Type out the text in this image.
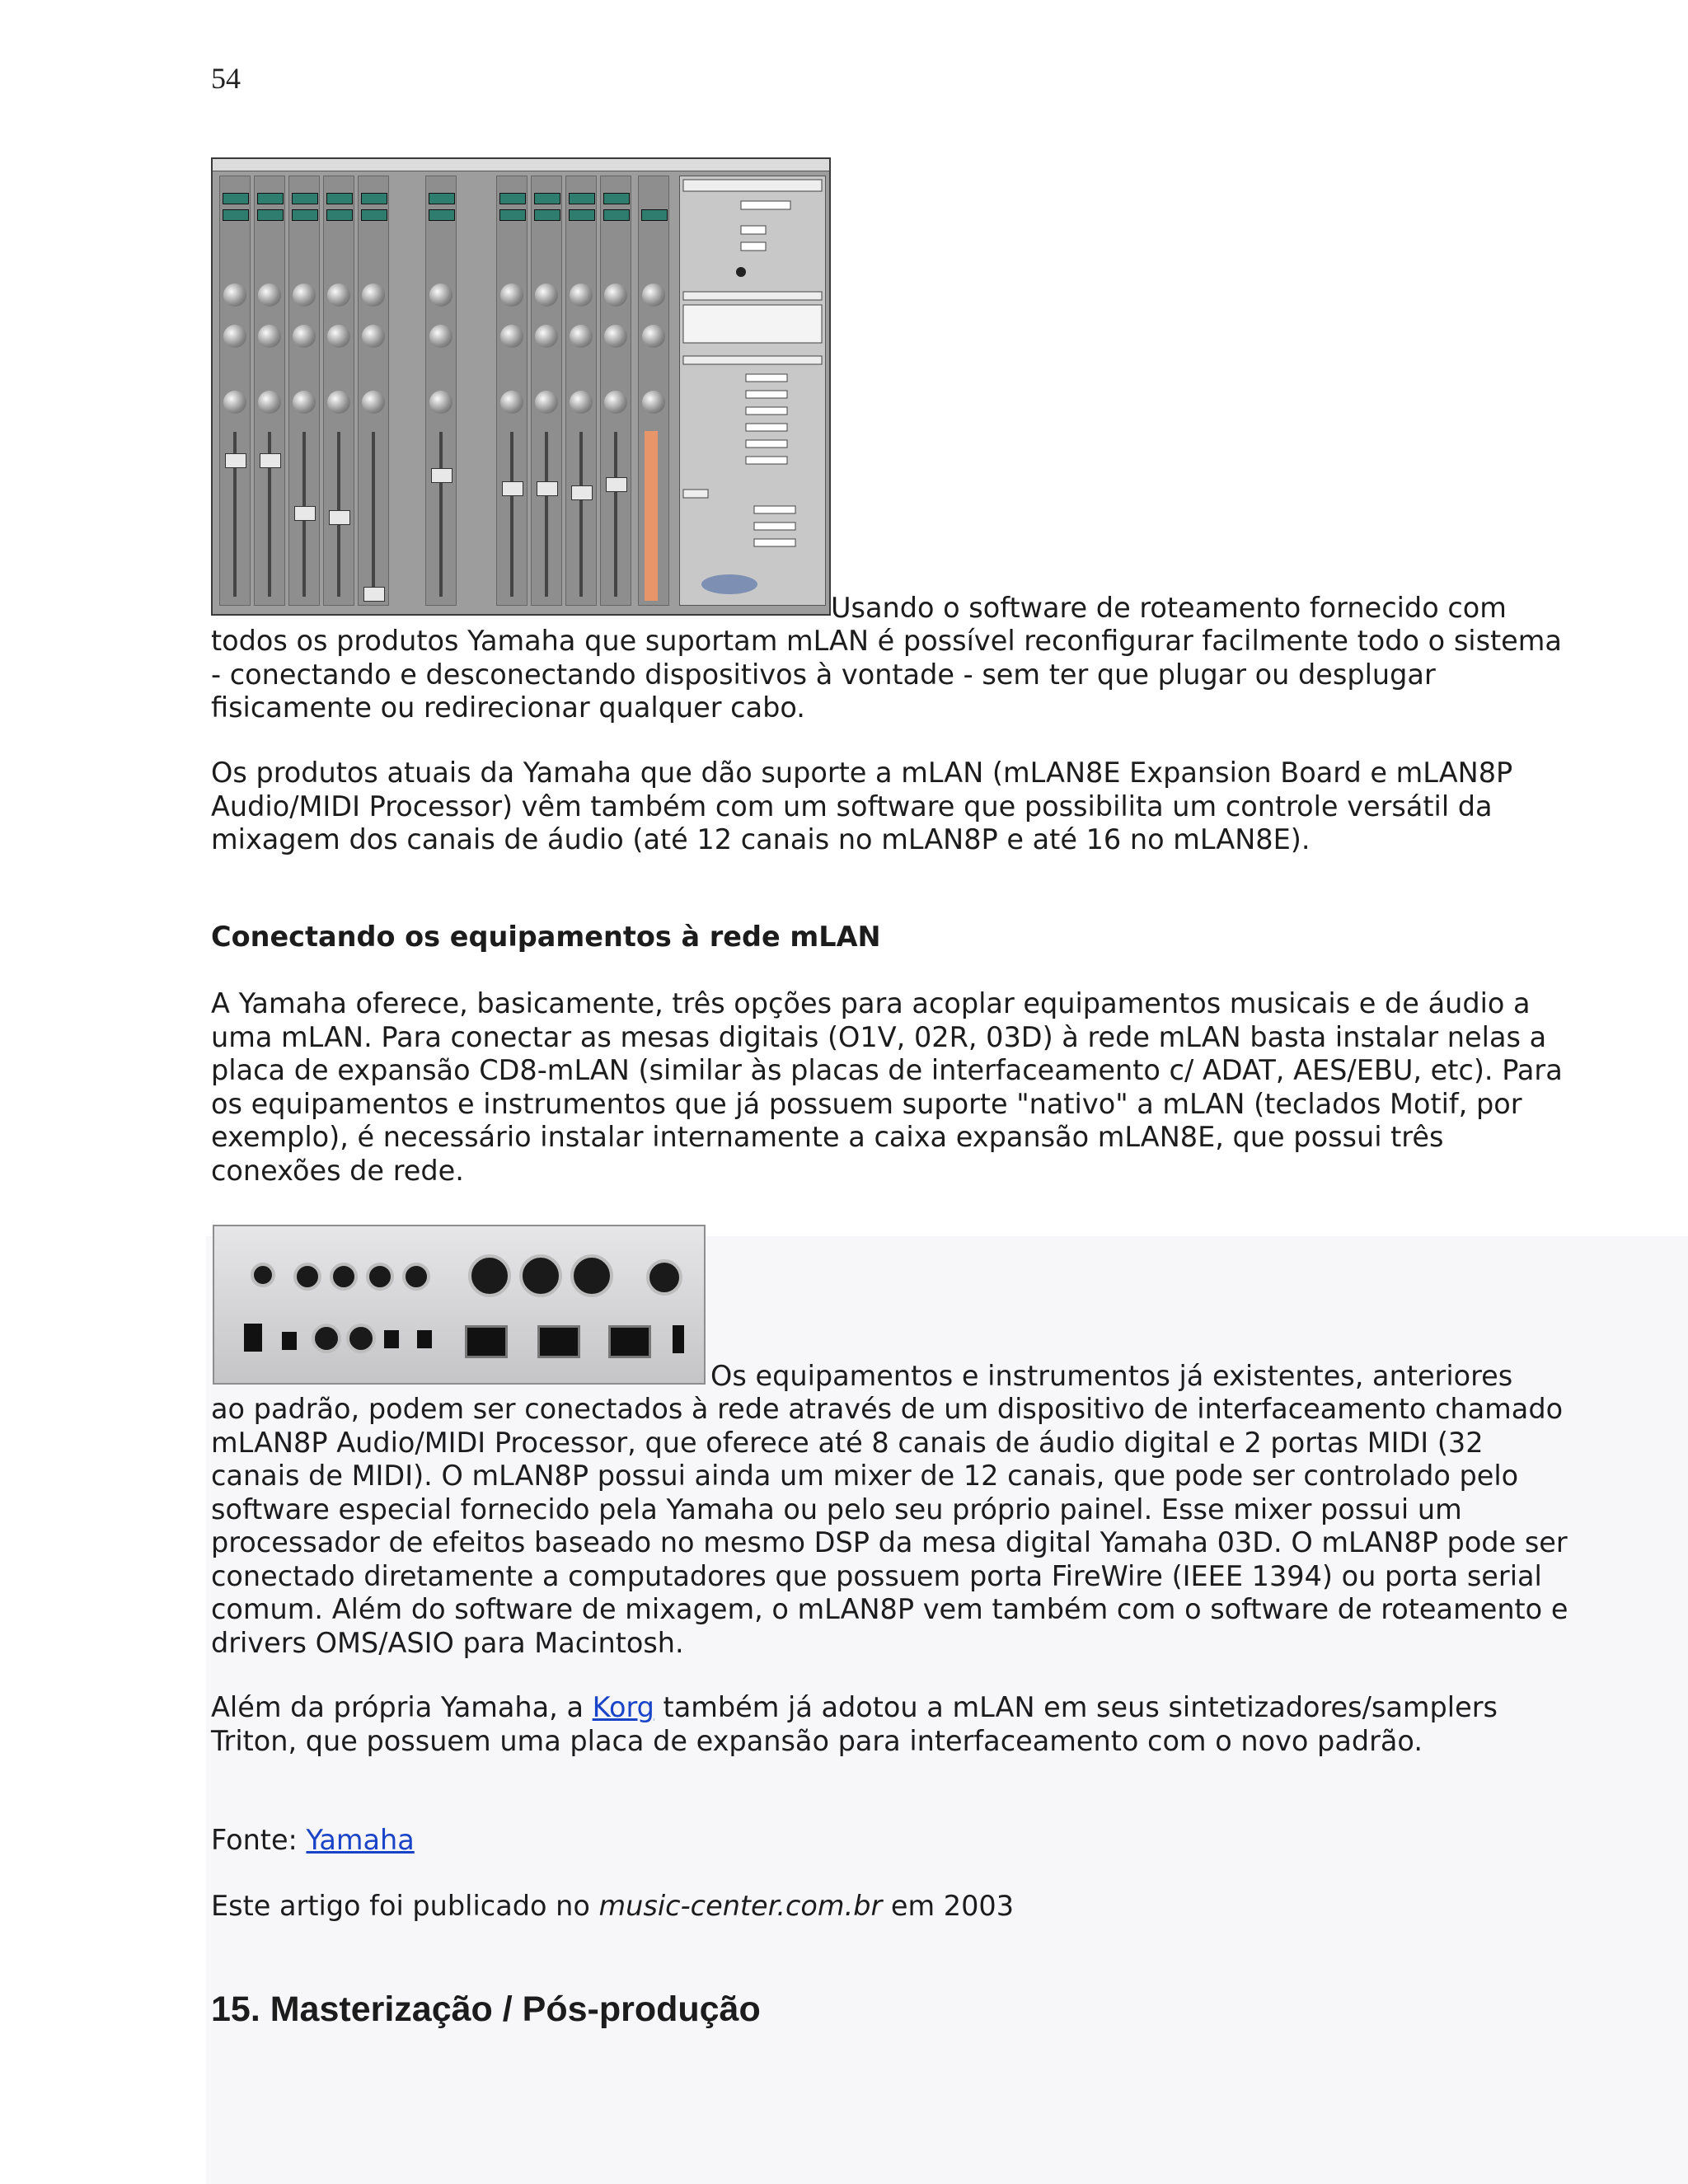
54
Usando o software de roteamento fornecido com

todos os produtos Yamaha que suportam mLAN é possível reconfigurar facilmente todo o sistema - conectando e desconectando dispositivos à vontade - sem ter que plugar ou desplugar fisicamente ou redirecionar qualquer cabo.

Os produtos atuais da Yamaha que dão suporte a mLAN (mLAN8E Expansion Board e mLAN8P Audio/MIDI Processor) vêm também com um software que possibilita um controle versátil da mixagem dos canais de áudio (até 12 canais no mLAN8P e até 16 no mLAN8E).

Conectando os equipamentos à rede mLAN

A Yamaha oferece, basicamente, três opções para acoplar equipamentos musicais e de áudio a uma mLAN. Para conectar as mesas digitais (O1V, 02R, 03D) à rede mLAN basta instalar nelas a placa de expansão CD8-mLAN (similar às placas de interfaceamento c/ ADAT, AES/EBU, etc). Para os equipamentos e instrumentos que já possuem suporte "nativo" a mLAN (teclados Motif, por exemplo), é necessário instalar internamente a caixa expansão mLAN8E, que possui três conexões de rede.

Os equipamentos e instrumentos já existentes, anteriores

ao padrão, podem ser conectados à rede através de um dispositivo de interfaceamento chamado mLAN8P Audio/MIDI Processor, que oferece até 8 canais de áudio digital e 2 portas MIDI (32 canais de MIDI). O mLAN8P possui ainda um mixer de 12 canais, que pode ser controlado pelo software especial fornecido pela Yamaha ou pelo seu próprio painel. Esse mixer possui um processador de efeitos baseado no mesmo DSP da mesa digital Yamaha 03D. O mLAN8P pode ser conectado diretamente a computadores que possuem porta FireWire (IEEE 1394) ou porta serial comum. Além do software de mixagem, o mLAN8P vem também com o software de roteamento e drivers OMS/ASIO para Macintosh.

Além da própria Yamaha, a Korg também já adotou a mLAN em seus sintetizadores/samplers Triton, que possuem uma placa de expansão para interfaceamento com o novo padrão.

Fonte: Yamaha

Este artigo foi publicado no music-center.com.br em 2003

15. Masterização / Pós-produção
